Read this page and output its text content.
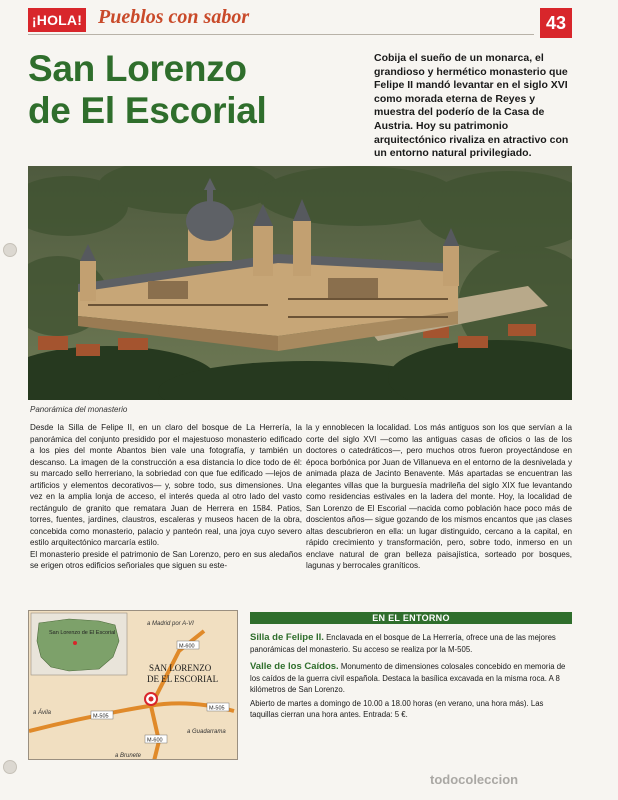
¡HOLA! Pueblos con sabor	43
San Lorenzo
de El Escorial
Cobija el sueño de un monarca, el grandioso y hermético monasterio que Felipe II mandó levantar en el siglo XVI como morada eterna de Reyes y muestra del poderío de la Casa de Austria. Hoy su patrimonio arquitectónico rivaliza en atractivo con un entorno natural privilegiado.
Panorámica del monasterio

Desde la Silla de Felipe II, en un claro del bosque de La Herrería, la panorámica del conjunto presidido por el majestuoso monasterio edificado a los pies del monte Abantos bien vale una fotografía, y también un descanso. La imagen de la construcción a esa distancia lo dice todo de él: su marcado sello herreriano, la sobriedad con que fue edificado —lejos de artificios y elementos decorativos— y, sobre todo, sus dimensiones. Una vez en la amplia lonja de acceso, el interés queda al otro lado del vasto rectángulo de granito que rematara Juan de Herrera en 1584. Patios, torres, fuentes, jardines, claustros, escaleras y museos hacen de la obra, concebida como monasterio, palacio y panteón real, una joya cuyo severo estilo arquitectónico marcaría estilo.

El monasterio preside el patrimonio de San Lorenzo, pero en sus aledaños se erigen otros edificios señoriales que siguen su este-

la y ennoblecen la localidad. Los más antiguos son los que servían a la corte del siglo XVI —como las antiguas casas de oficios o las de los doctores o catedráticos—, pero muchos otros fueron proyectándose en época borbónica por Juan de Villanueva en el entorno de la desnivelada y animada plaza de Jacinto Benavente. Más apartadas se encuentran las elegantes villas que la burguesía madrileña del siglo XIX fue levantando como residencias estivales en la ladera del monte. Hoy, la localidad de San Lorenzo de El Escorial —nacida como población hace poco más de doscientos años— sigue gozando de los mismos encantos que ¡as clases altas descubrieron en ella: un lugar distinguido, cercano a la capital, en rápido crecimiento y transformación, pero, sobre todo, inmerso en un enclave natural de gran belleza paisajística, sorteado por bosques, lagunas y berrocales graníticos.

San Lorenzo de El Escorial
M-600
M-505
M-505
M-600
SAN LORENZO
DE EL ESCORIAL
a Madrid por A-VI
a Ávila
a Guadarrama
a Brunete
EN EL ENTORNO

Silla de Felipe II. Enclavada en el bosque de La Herrería, ofrece una de las mejores panorámicas del monasterio. Su acceso se realiza por la M-505.

Valle de los Caídos. Monumento de dimensiones colosales concebido en memoria de los caídos de la guerra civil española. Destaca la basílica excavada en la misma roca. A 8 kilómetros de San Lorenzo.

Abierto de martes a domingo de 10.00 a 18.00 horas (en verano, una hora más). Las taquillas cierran una hora antes. Entrada: 5 €.

todocoleccion
